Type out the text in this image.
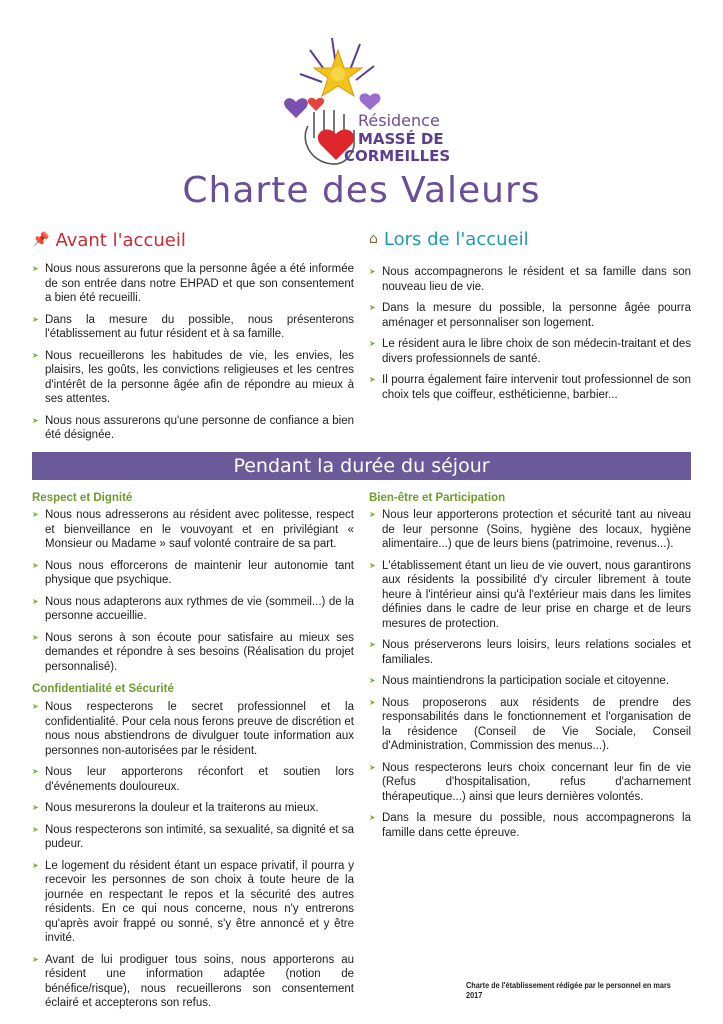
Résidence
MASSÉ DE
CORMEILLES
Charte des Valeurs
📌 Avant l'accueil
➤ Nous nous assurerons que la personne âgée a été informée de son entrée dans notre EHPAD et que son consentement a bien été recueilli.
➤ Dans la mesure du possible, nous présenterons l'établissement au futur résident et à sa famille.
➤ Nous recueillerons les habitudes de vie, les envies, les plaisirs, les goûts, les convictions religieuses et les centres d'intérêt de la personne âgée afin de répondre au mieux à ses attentes.
➤ Nous nous assurerons qu'une personne de confiance a bien été désignée.
⌂ Lors de l'accueil
➤ Nous accompagnerons le résident et sa famille dans son nouveau lieu de vie.
➤ Dans la mesure du possible, la personne âgée pourra aménager et personnaliser son logement.
➤ Le résident aura le libre choix de son médecin-traitant et des divers professionnels de santé.
➤ Il pourra également faire intervenir tout professionnel de son choix tels que coiffeur, esthéticienne, barbier...
Pendant la durée du séjour
Respect et Dignité
➤ Nous nous adresserons au résident avec politesse, respect et bienveillance en le vouvoyant et en privilégiant « Monsieur ou Madame » sauf volonté contraire de sa part.
➤ Nous nous efforcerons de maintenir leur autonomie tant physique que psychique.
➤ Nous nous adapterons aux rythmes de vie (sommeil...) de la personne accueillie.
➤ Nous serons à son écoute pour satisfaire au mieux ses demandes et répondre à ses besoins (Réalisation du projet personnalisé).
Confidentialité et Sécurité
➤ Nous respecterons le secret professionnel et la confidentialité. Pour cela nous ferons preuve de discrétion et nous nous abstiendrons de divulguer toute information aux personnes non-autorisées par le résident.
➤ Nous leur apporterons réconfort et soutien lors d'événements douloureux.
➤ Nous mesurerons la douleur et la traiterons au mieux.
➤ Nous respecterons son intimité, sa sexualité, sa dignité et sa pudeur.
➤ Le logement du résident étant un espace privatif, il pourra y recevoir les personnes de son choix à toute heure de la journée en respectant le repos et la sécurité des autres résidents. En ce qui nous concerne, nous n'y entrerons qu'après avoir frappé ou sonné, s'y être annoncé et y être invité.
➤ Avant de lui prodiguer tous soins, nous apporterons au résident une information adaptée (notion de bénéfice/risque), nous recueillerons son consentement éclairé et accepterons son refus.
Bien-être et Participation
➤ Nous leur apporterons protection et sécurité tant au niveau de leur personne (Soins, hygiène des locaux, hygiène alimentaire...) que de leurs biens (patrimoine, revenus...).
➤ L'établissement étant un lieu de vie ouvert, nous garantirons aux résidents la possibilité d'y circuler librement à toute heure à l'intérieur ainsi qu'à l'extérieur mais dans les limites définies dans le cadre de leur prise en charge et de leurs mesures de protection.
➤ Nous préserverons leurs loisirs, leurs relations sociales et familiales.
➤ Nous maintiendrons la participation sociale et citoyenne.
➤ Nous proposerons aux résidents de prendre des responsabilités dans le fonctionnement et l'organisation de la résidence (Conseil de Vie Sociale, Conseil d'Administration, Commission des menus...).
➤ Nous respecterons leurs choix concernant leur fin de vie (Refus d'hospitalisation, refus d'acharnement thérapeutique...) ainsi que leurs dernières volontés.
➤ Dans la mesure du possible, nous accompagnerons la famille dans cette épreuve.
Charte de l'établissement rédigée par le personnel en mars 2017
